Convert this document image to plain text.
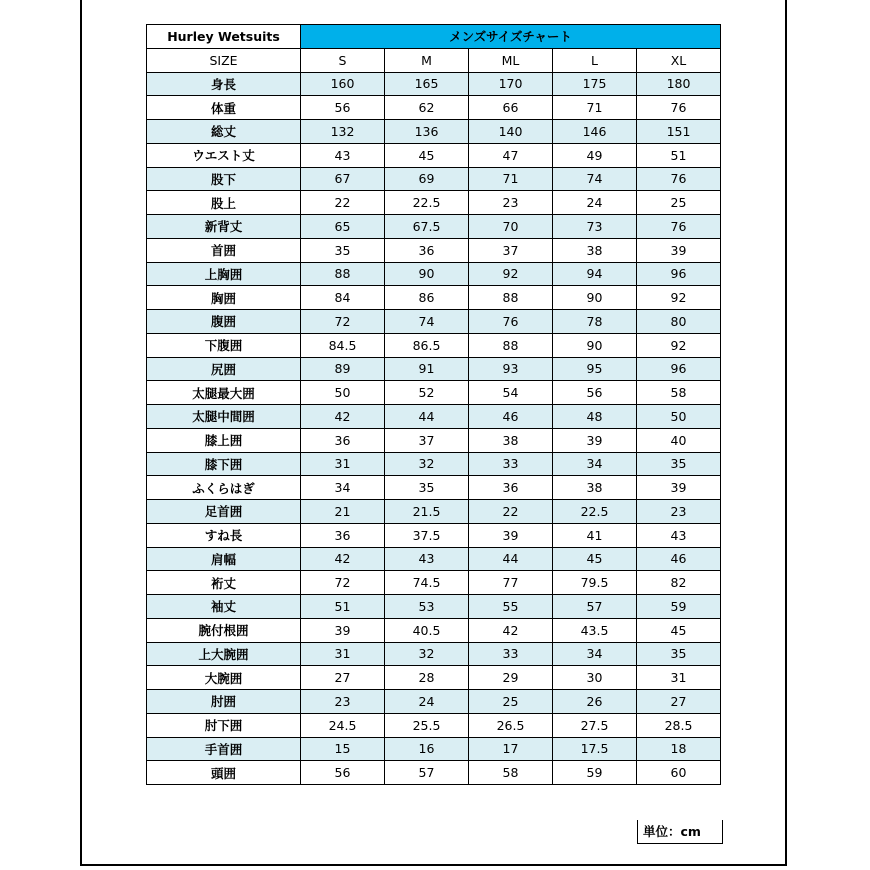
Hurley Wetsuits	メンズサイズチャート				
SIZE	S	M	ML	L	XL
身長	160	165	170	175	180
体重	56	62	66	71	76
総丈	132	136	140	146	151
ウエスト丈	43	45	47	49	51
股下	67	69	71	74	76
股上	22	22.5	23	24	25
新背丈	65	67.5	70	73	76
首囲	35	36	37	38	39
上胸囲	88	90	92	94	96
胸囲	84	86	88	90	92
腹囲	72	74	76	78	80
下腹囲	84.5	86.5	88	90	92
尻囲	89	91	93	95	96
太腿最大囲	50	52	54	56	58
太腿中間囲	42	44	46	48	50
膝上囲	36	37	38	39	40
膝下囲	31	32	33	34	35
ふくらはぎ	34	35	36	38	39
足首囲	21	21.5	22	22.5	23
すね長	36	37.5	39	41	43
肩幅	42	43	44	45	46
裄丈	72	74.5	77	79.5	82
袖丈	51	53	55	57	59
腕付根囲	39	40.5	42	43.5	45
上大腕囲	31	32	33	34	35
大腕囲	27	28	29	30	31
肘囲	23	24	25	26	27
肘下囲	24.5	25.5	26.5	27.5	28.5
手首囲	15	16	17	17.5	18
頭囲	56	57	58	59	60
単位：cm
